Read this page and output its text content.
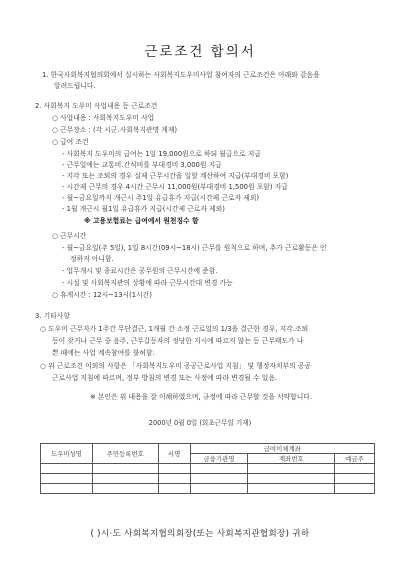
근로조건 합의서
1. 한국사회복지협의회에서 실시하는 사회복지도우미사업 참여자의 근로조건은 아래와 같음을
알려드립니다.
2. 사회복지 도우미 사업내용 등 근로조건
○ 사업내용 : 사회복지도우미 사업
○ 근무장소 : (각 시군․사회복지관명 게재)
○ 급여 조건
- 사회복지 도우미의 급여는 1일 19,000원으로 하되 월급으로 지급
- 근무일에는 교통비․간식비를 부대경비 3,000원 지급
- 지각 또는 조퇴의 경우 실제 근무시간을 일할 계산하여 지급(부대경비 포함)
- 시간제 근무의 경우 4시간 근무시 11,000원(부대경비 1,500원 포함) 지급
- 월~금요일까지 개근시 주1일 유급휴가 지급(시간제 근로자 제외)
- 1월 개근시 월1일 유급휴가 지급(시간제 근로자 제외)
※ 고용보험료는 급여에서 원천징수 함
○ 근무시간
- 월~금요일(주 5일), 1일 8시간(09시~18시) 근무를 원칙으로 하며, 추가 근로활동은 인
정하지 아니함.
- 업무개시 및 종료시간은 공무원의 근무시간에 준함.
- 시설 및 사회복지관의 상황에 따라 근무시간대 변경 가능
○ 휴게시간 : 12시~13시(1시간)
3. 기타사항
○ 도우미 근무자가 1주간 무단결근, 1개월 간 소정 근로일의 1/3을 결근한 경우, 지각․조퇴
등이 잦거나 근무 중 음주, 근무갈등자의 정당한 지시에 따르지 않는 등 근무태도가 나
쁜 때에는 사업 계속참여를 불허함.
○ 위 근로조건 이외의 사항은 「사회복지도우미 공공근로사업 지침」 및 행정자치부의 공공
근로사업 지침에 따르며, 정부 방침의 변경 또는 사정에 따라 변경될 수 있음.
※ 본인은 위 내용을 잘 이해하였으며, 규정에 따라 근무할 것을 서약합니다.
2000년 0월 0일 (회초근무일 기재)
도우미성명	주민등록번호	서명	급여이체계좌		
			금융기관명	계좌번호	예금주

( )시·도 사회복지협의회장(또는 사회복지관협회장) 귀하
